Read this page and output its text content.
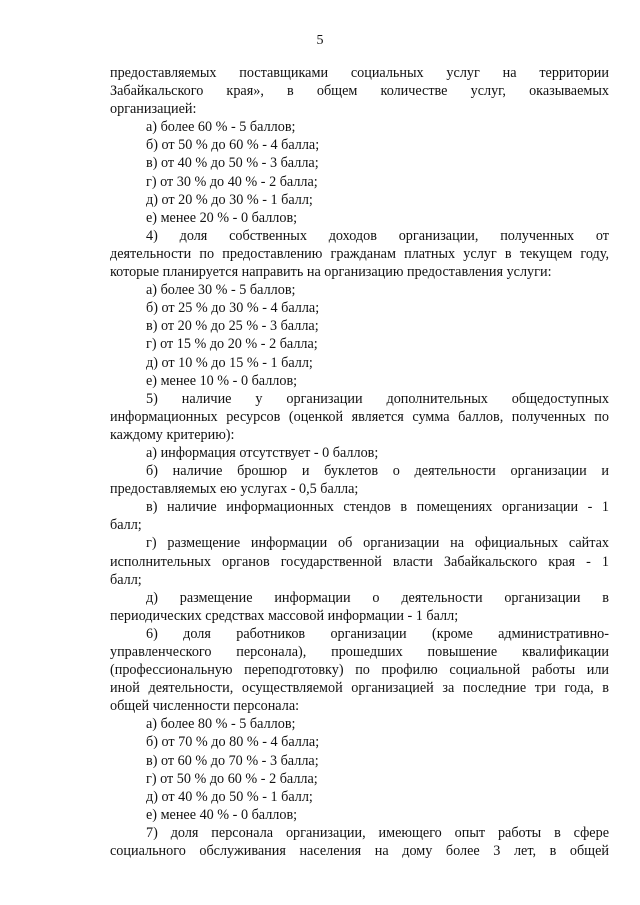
5
предоставляемых поставщиками социальных услуг на территории
Забайкальского края», в общем количестве услуг, оказываемых
организацией:
а) более 60 % - 5 баллов;
б) от 50 % до 60 % - 4 балла;
в) от 40 % до 50 % - 3 балла;
г) от 30 % до 40 % - 2 балла;
д) от 20 % до 30 % - 1 балл;
е) менее 20 % - 0 баллов;
4) доля собственных доходов организации, полученных от
деятельности по предоставлению гражданам платных услуг в текущем году,
которые планируется направить на организацию предоставления услуги:
а) более 30 % - 5 баллов;
б) от 25 % до 30 % - 4 балла;
в) от 20 % до 25 % - 3 балла;
г) от 15 % до 20 % - 2 балла;
д) от 10 % до 15 % - 1 балл;
е) менее 10 % - 0 баллов;
5) наличие у организации дополнительных общедоступных
информационных ресурсов (оценкой является сумма баллов, полученных по
каждому критерию):
а) информация отсутствует - 0 баллов;
б) наличие брошюр и буклетов о деятельности организации и
предоставляемых ею услугах - 0,5 балла;
в) наличие информационных стендов в помещениях организации - 1
балл;
г) размещение информации об организации на официальных сайтах
исполнительных органов государственной власти Забайкальского края - 1
балл;
д) размещение информации о деятельности организации в
периодических средствах массовой информации - 1 балл;
6) доля работников организации (кроме административно-
управленческого персонала), прошедших повышение квалификации
(профессиональную переподготовку) по профилю социальной работы или
иной деятельности, осуществляемой организацией за последние три года, в
общей численности персонала:
а) более 80 % - 5 баллов;
б) от 70 % до 80 % - 4 балла;
в) от 60 % до 70 % - 3 балла;
г) от 50 % до 60 % - 2 балла;
д) от 40 % до 50 % - 1 балл;
е) менее 40 % - 0 баллов;
7) доля персонала организации, имеющего опыт работы в сфере
социального обслуживания населения на дому более 3 лет, в общей
